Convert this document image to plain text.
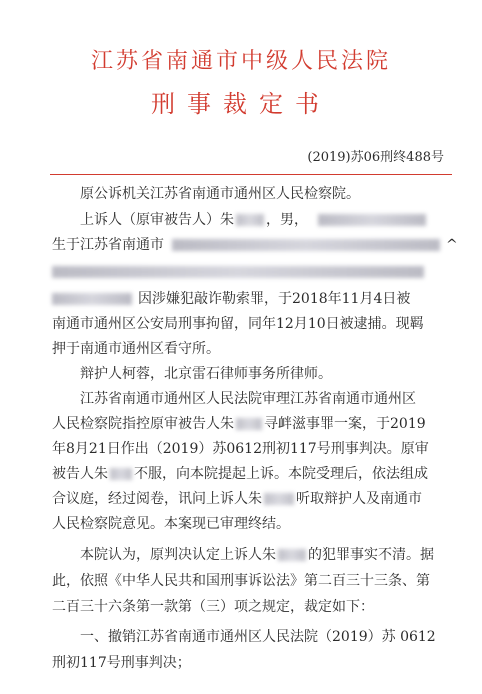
江苏省南通市中级人民法院
刑事裁定书
(2019)苏06刑终488号
原公诉机关江苏省南通市通州区人民检察院。
上诉人（原审被告人）朱 ，男，
生于江苏省南通市	^
因涉嫌犯敲诈勒索罪，于2018年11月4日被
南通市通州区公安局刑事拘留，同年12月10日被逮捕。现羁
押于南通市通州区看守所。
辩护人柯蓉，北京雷石律师事务所律师。
江苏省南通市通州区人民法院审理江苏省南通市通州区
人民检察院指控原审被告人朱 寻衅滋事罪一案，于2019
年8月21日作出（2019）苏0612刑初117号刑事判决。原审
被告人朱 不服，向本院提起上诉。本院受理后，依法组成
合议庭，经过阅卷，讯问上诉人朱 听取辩护人及南通市
人民检察院意见。本案现已审理终结。
本院认为，原判决认定上诉人朱 的犯罪事实不清。据
此，依照《中华人民共和国刑事诉讼法》第二百三十三条、第
二百三十六条第一款第（三）项之规定，裁定如下：
一、撤销江苏省南通市通州区人民法院（2019）苏 0612
刑初117号刑事判决；
